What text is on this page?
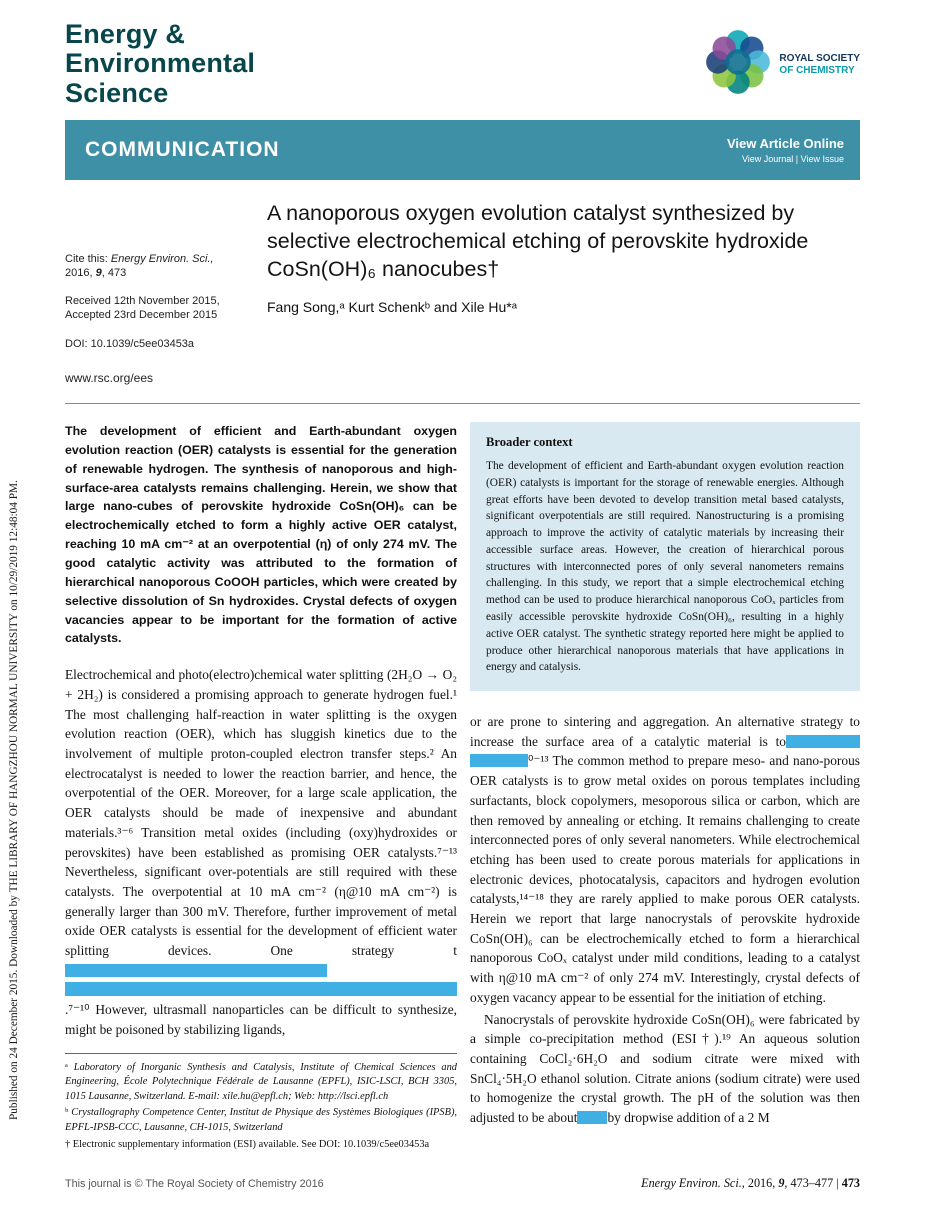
Published on 24 December 2015. Downloaded by THE LIBRARY OF HANGZHOU NORMAL UNIVERSITY on 10/29/2019 12:48:04 PM.
Energy &
Environmental
Science
ROYAL SOCIETY
OF CHEMISTRY
COMMUNICATION	View Article Online
View Journal | View Issue
Cite this: Energy Environ. Sci.,
2016, 9, 473
Received 12th November 2015,
Accepted 23rd December 2015
DOI: 10.1039/c5ee03453a
www.rsc.org/ees
A nanoporous oxygen evolution catalyst synthesized by selective electrochemical etching of perovskite hydroxide CoSn(OH)₆ nanocubes†
Fang Song,ᵃ Kurt Schenkᵇ and Xile Hu*ᵃ

The development of efficient and Earth-abundant oxygen evolution reaction (OER) catalysts is essential for the generation of renewable hydrogen. The synthesis of nanoporous and high-surface-area catalysts remains challenging. Herein, we show that large nano-cubes of perovskite hydroxide CoSn(OH)₆ can be electrochemically etched to form a highly active OER catalyst, reaching 10 mA cm⁻² at an overpotential (η) of only 274 mV. The good catalytic activity was attributed to the formation of hierarchical nanoporous CoOOH particles, which were created by selective dissolution of Sn hydroxides. Crystal defects of oxygen vacancies appear to be important for the formation of active catalysts.

Electrochemical and photo(electro)chemical water splitting (2H₂O → O₂ + 2H₂) is considered a promising approach to generate hydrogen fuel.¹ The most challenging half-reaction in water splitting is the oxygen evolution reaction (OER), which has sluggish kinetics due to the involvement of multiple proton-coupled electron transfer steps.² An electrocatalyst is needed to lower the reaction barrier, and hence, the overpotential of the OER. Moreover, for a large scale application, the OER catalysts should be made of inexpensive and abundant materials.³⁻⁶ Transition metal oxides (including (oxy)hydroxides or perovskites) have been established as promising OER catalysts.⁷⁻¹³ Nevertheless, significant over-potentials are still required with these catalysts. The overpotential at 10 mA cm⁻² (η@10 mA cm⁻²) is generally larger than 300 mV. Therefore, further improvement of metal oxide OER catalysts is essential for the development of efficient water splitting devices. One strategy t.⁷⁻¹⁰ However, ultrasmall nanoparticles can be difficult to synthesize, might be poisoned by stabilizing ligands,

ᵃ Laboratory of Inorganic Synthesis and Catalysis, Institute of Chemical Sciences and Engineering, École Polytechnique Fédérale de Lausanne (EPFL), ISIC-LSCI, BCH 3305, 1015 Lausanne, Switzerland. E-mail: xile.hu@epfl.ch; Web: http://lsci.epfl.ch
ᵇ Crystallography Competence Center, Institut de Physique des Systèmes Biologiques (IPSB), EPFL-IPSB-CCC, Lausanne, CH-1015, Switzerland
† Electronic supplementary information (ESI) available. See DOI: 10.1039/c5ee03453a
Broader context
The development of efficient and Earth-abundant oxygen evolution reaction (OER) catalysts is important for the storage of renewable energies. Although great efforts have been devoted to develop transition metal based catalysts, significant overpotentials are still required. Nanostructuring is a promising approach to improve the activity of catalytic materials by increasing their accessible surface areas. However, the creation of hierarchical porous structures with interconnected pores of only several nanometers remains challenging. In this study, we report that a simple electrochemical etching method can be used to produce hierarchical nanoporous CoOₓ particles from easily accessible perovskite hydroxide CoSn(OH)₆, resulting in a highly active OER catalyst. The synthetic strategy reported here might be applied to produce other hierarchical nanoporous materials that have applications in energy and catalysis.

or are prone to sintering and aggregation. An alternative strategy to increase the surface area of a catalytic material is to ⁰⁻¹³ The common method to prepare meso- and nano-porous OER catalysts is to grow metal oxides on porous templates including surfactants, block copolymers, mesoporous silica or carbon, which are then removed by annealing or etching. It remains challenging to create interconnected pores of only several nanometers. While electrochemical etching has been used to create porous materials for applications in electronic devices, photocatalysis, capacitors and hydrogen evolution catalysts,¹⁴⁻¹⁸ they are rarely applied to make porous OER catalysts. Herein we report that large nanocrystals of perovskite hydroxide CoSn(OH)₆ can be electrochemically etched to form a hierarchical nanoporous CoOₓ catalyst under mild conditions, leading to a catalyst with η@10 mA cm⁻² of only 274 mV. Interestingly, crystal defects of oxygen vacancy appear to be essential for the initiation of etching.

Nanocrystals of perovskite hydroxide CoSn(OH)₆ were fabricated by a simple co-precipitation method (ESI†).¹⁹ An aqueous solution containing CoCl₂·6H₂O and sodium citrate were mixed with SnCl₄·5H₂O ethanol solution. Citrate anions (sodium citrate) were used to homogenize the crystal growth. The pH of the solution was then adjusted to be about by dropwise addition of a 2 M

This journal is © The Royal Society of Chemistry 2016	Energy Environ. Sci., 2016, 9, 473–477 | 473
